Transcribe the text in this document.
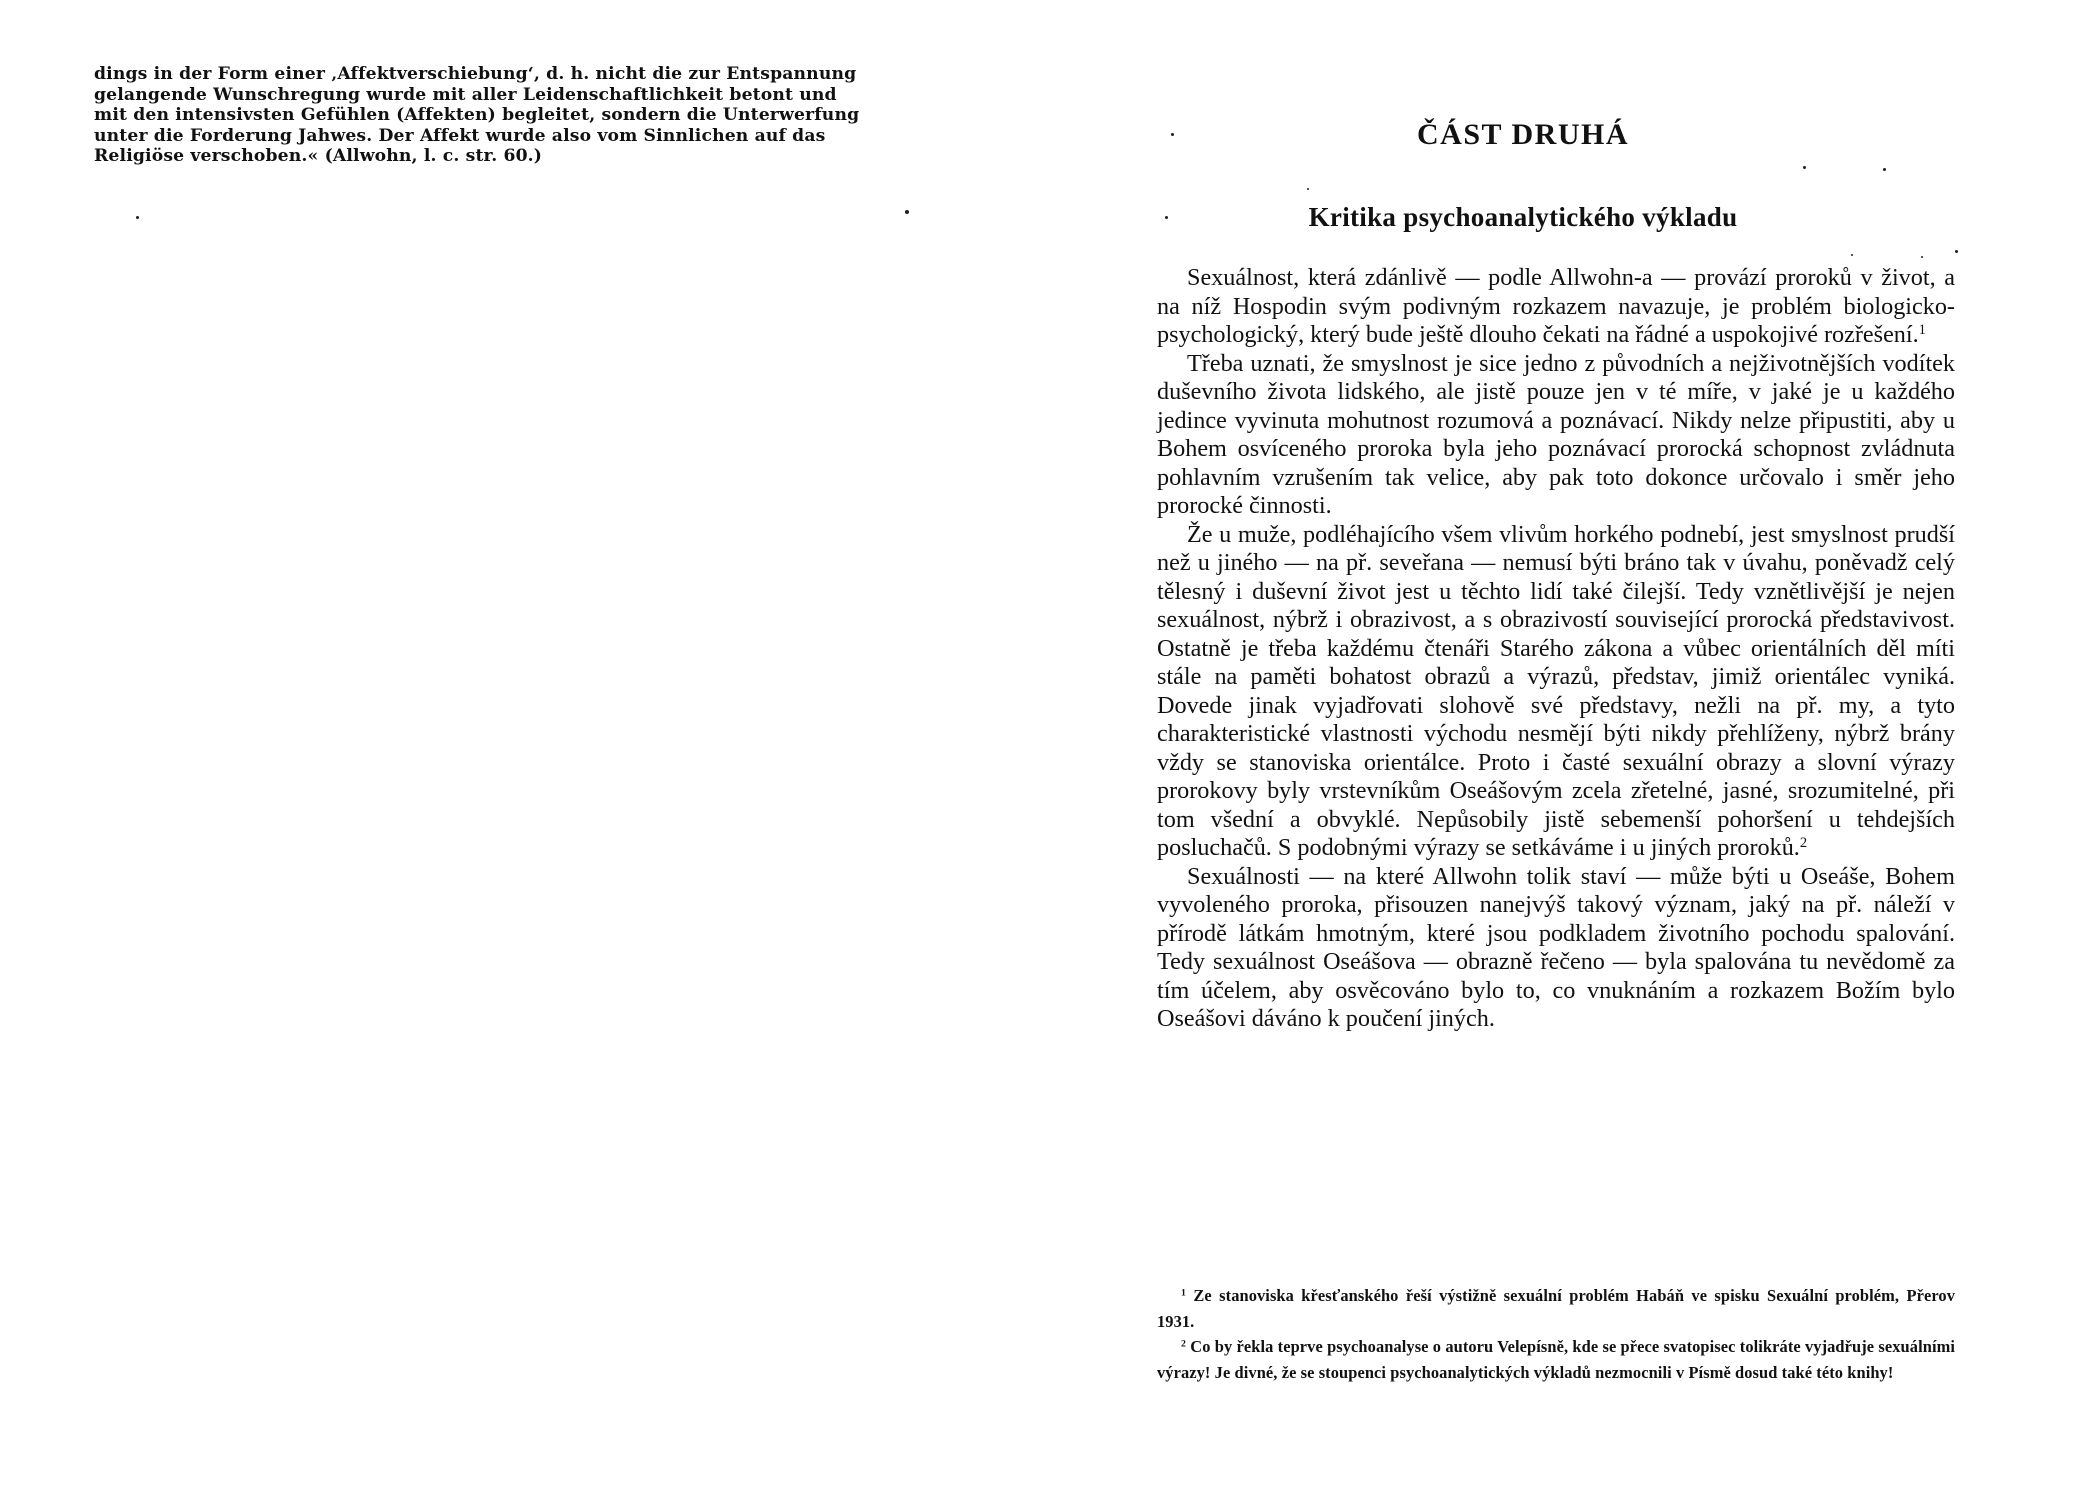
dings in der Form einer ‚Affektverschiebung‘, d. h. nicht die zur Entspannung
gelangende Wunschregung wurde mit aller Leidenschaftlichkeit betont und
mit den intensivsten Gefühlen (Affekten) begleitet, sondern die Unterwerfung
unter die Forderung Jahwes. Der Affekt wurde also vom Sinnlichen auf das
Religiöse verschoben.« (Allwohn, l. c. str. 60.)
ČÁST DRUHÁ
Kritika psychoanalytického výkladu

Sexuálnost, která zdánlivě — podle Allwohn-a — provází proroků v život, a na níž Hospodin svým podivným rozkazem navazuje, je problém biologicko-psychologický, který bude ještě dlouho čekati na řádné a uspokojivé rozřešení.$^1$

Třeba uznati, že smyslnost je sice jedno z původních a nejživotnějších vodítek duševního života lidského, ale jistě pouze jen v té míře, v jaké je u každého jedince vyvinuta mohutnost rozumová a poznávací. Nikdy nelze připustiti, aby u Bohem osvíceného proroka byla jeho poznávací prorocká schopnost zvládnuta pohlavním vzrušením tak velice, aby pak toto dokonce určovalo i směr jeho prorocké činnosti.

Že u muže, podléhajícího všem vlivům horkého podnebí, jest smyslnost prudší než u jiného — na př. seveřana — nemusí býti bráno tak v úvahu, poněvadž celý tělesný i duševní život jest u těchto lidí také čilejší. Tedy vznětlivější je nejen sexuálnost, nýbrž i obrazivost, a s obrazivostí související prorocká představivost. Ostatně je třeba každému čtenáři Starého zákona a vůbec orientálních děl míti stále na paměti bohatost obrazů a výrazů, představ, jimiž orientálec vyniká. Dovede jinak vyjadřovati slohově své představy, nežli na př. my, a tyto charakteristické vlastnosti východu nesmějí býti nikdy přehlíženy, nýbrž brány vždy se stanoviska orientálce. Proto i časté sexuální obrazy a slovní výrazy prorokovy byly vrstevníkům Oseášovým zcela zřetelné, jasné, srozumitelné, při tom všední a obvyklé. Nepůsobily jistě sebemenší pohoršení u tehdejších posluchačů. S podobnými výrazy se setkáváme i u jiných proroků.$^2$

Sexuálnosti — na které Allwohn tolik staví — může býti u Oseáše, Bohem vyvoleného proroka, přisouzen nanejvýš takový význam, jaký na př. náleží v přírodě látkám hmotným, které jsou podkladem životního pochodu spalování. Tedy sexuálnost Oseášova — obrazně řečeno — byla spalována tu nevědomě za tím účelem, aby osvěcováno bylo to, co vnuknáním a rozkazem Božím bylo Oseášovi dáváno k poučení jiných.

$^1$ Ze stanoviska křesťanského řeší výstižně sexuální problém Habáň ve spisku Sexuální problém, Přerov 1931.

$^2$ Co by řekla teprve psychoanalyse o autoru Velepísně, kde se přece svatopisec tolikráte vyjadřuje sexuálními výrazy! Je divné, že se stoupenci psychoanalytických výkladů nezmocnili v Písmě dosud také této knihy!
